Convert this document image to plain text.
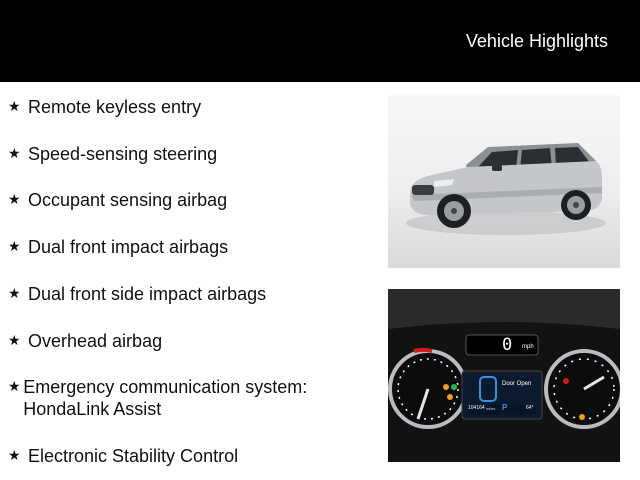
Vehicle Highlights
★ Remote keyless entry
★ Speed-sensing steering
★ Occupant sensing airbag
★ Dual front impact airbags
★ Dual front side impact airbags
★ Overhead airbag
★ Emergency communication system: HondaLink Assist
★ Electronic Stability Control
0 mph
Door Open
104164 miles P	64°
